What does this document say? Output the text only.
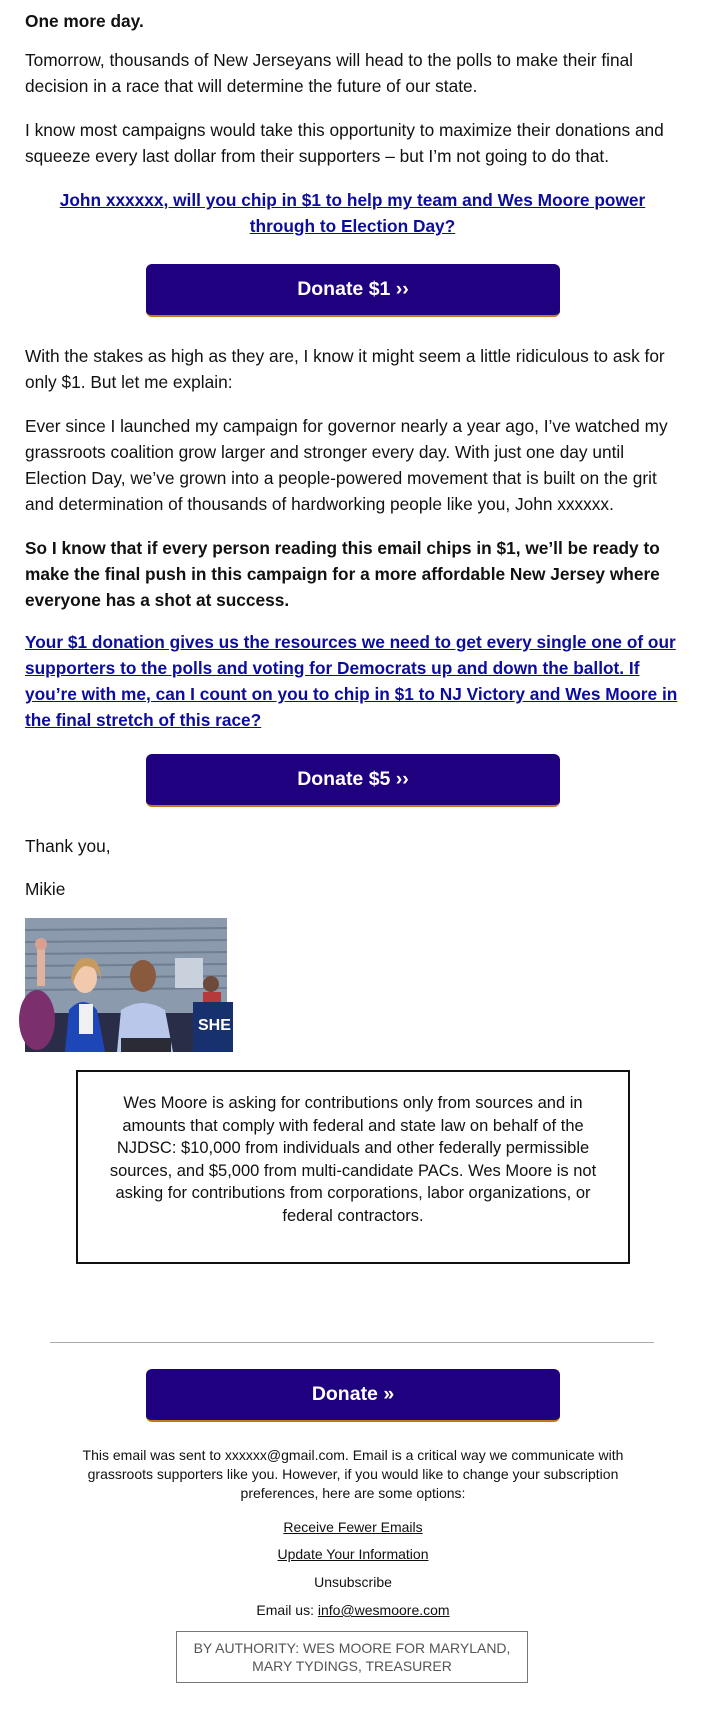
One more day.

Tomorrow, thousands of New Jerseyans will head to the polls to make their final decision in a race that will determine the future of our state.

I know most campaigns would take this opportunity to maximize their donations and squeeze every last dollar from their supporters – but I’m not going to do that.

John xxxxxx, will you chip in $1 to help my team and Wes Moore power through to Election Day?

Donate $1 ››

With the stakes as high as they are, I know it might seem a little ridiculous to ask for only $1. But let me explain:

Ever since I launched my campaign for governor nearly a year ago, I’ve watched my grassroots coalition grow larger and stronger every day. With just one day until Election Day, we’ve grown into a people-powered movement that is built on the grit and determination of thousands of hardworking people like you, John xxxxxx.

So I know that if every person reading this email chips in $1, we’ll be ready to make the final push in this campaign for a more affordable New Jersey where everyone has a shot at success.

Your $1 donation gives us the resources we need to get every single one of our supporters to the polls and voting for Democrats up and down the ballot. If you’re with me, can I count on you to chip in $1 to NJ Victory and Wes Moore in the final stretch of this race?

Donate $5 ››

Thank you,

Mikie

SHE DALE C
Wes Moore is asking for contributions only from sources and in amounts that comply with federal and state law on behalf of the NJDSC: $10,000 from individuals and other federally permissible sources, and $5,000 from multi-candidate PACs. Wes Moore is not asking for contributions from corporations, labor organizations, or federal contractors.
Donate »
This email was sent to xxxxxx@gmail.com. Email is a critical way we communicate with grassroots supporters like you. However, if you would like to change your subscription preferences, here are some options:
Receive Fewer Emails
Update Your Information
Unsubscribe
Email us: info@wesmoore.com
BY AUTHORITY: WES MOORE FOR MARYLAND,
MARY TYDINGS, TREASURER
